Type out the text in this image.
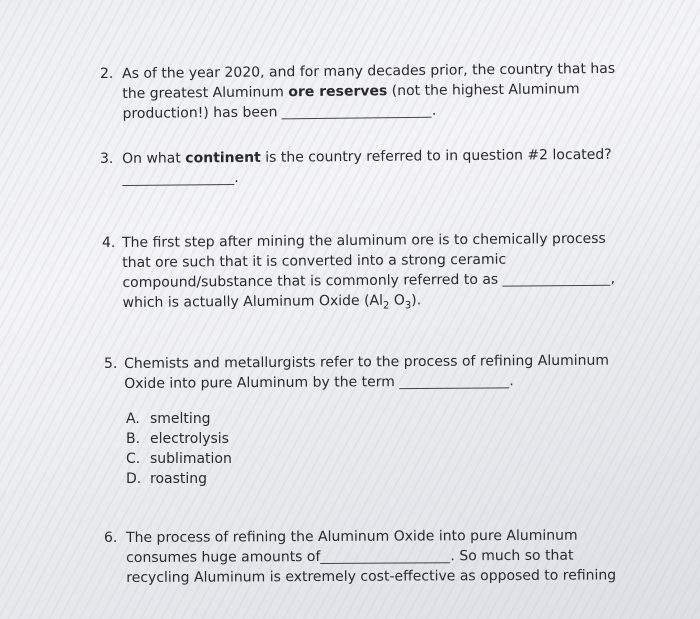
2. As of the year 2020, and for many decades prior, the country that has
the greatest Aluminum ore reserves (not the highest Aluminum
production!) has been	.
3. On what continent is the country referred to in question #2 located?
.
4. The first step after mining the aluminum ore is to chemically process
that ore such that it is converted into a strong ceramic
compound/substance that is commonly referred to as	,
which is actually Aluminum Oxide ($Al_2$ $O_3$).
5. Chemists and metallurgists refer to the process of refining Aluminum
Oxide into pure Aluminum by the term	.
A. smelting
B. electrolysis
C. sublimation
D. roasting
6. The process of refining the Aluminum Oxide into pure Aluminum
consumes huge amounts of	. So much so that
recycling Aluminum is extremely cost-effective as opposed to refining
